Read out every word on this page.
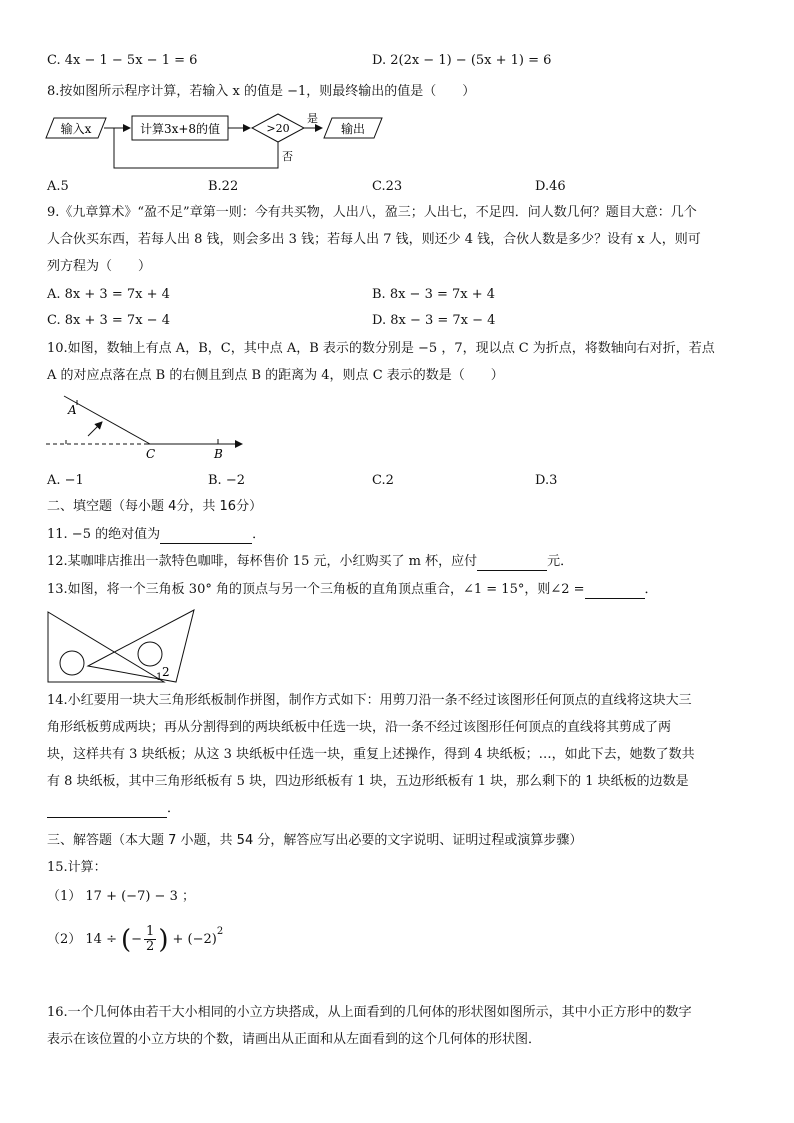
C. 4x − 1 − 5x − 1 = 6	D. 2(2x − 1) − (5x + 1) = 6
8.按如图所示程序计算，若输入 x 的值是 −1，则最终输出的值是（　　）
输入x	计算3x+8的值	>20
是
输出
否
A.5	B.22	C.23	D.46
9.《九章算术》“盈不足”章第一则：今有共买物，人出八，盈三；人出七，不足四．问人数几何？题目大意：几个
人合伙买东西，若每人出 8 钱，则会多出 3 钱；若每人出 7 钱，则还少 4 钱，合伙人数是多少？设有 x 人，则可
列方程为（　　）
A. 8x + 3 = 7x + 4	B. 8x − 3 = 7x + 4
C. 8x + 3 = 7x − 4	D. 8x − 3 = 7x − 4
10.如图，数轴上有点 A，B，C，其中点 A，B 表示的数分别是 −5 ，7，现以点 C 为折点，将数轴向右对折，若点
A 的对应点落在点 B 的右侧且到点 B 的距离为 4，则点 C 表示的数是（　　）
A
C	B
A. −1	B. −2	C.2	D.3
二、填空题（每小题 4分，共 16分）
11. −5 的绝对值为	．
12.某咖啡店推出一款特色咖啡，每杯售价 15 元，小红购买了 m 杯，应付	元．
13.如图，将一个三角板 30° 角的顶点与另一个三角板的直角顶点重合，∠1 = 15°，则∠2 =	．
1 2
14.小红要用一块大三角形纸板制作拼图，制作方式如下：用剪刀沿一条不经过该图形任何顶点的直线将这块大三
角形纸板剪成两块；再从分割得到的两块纸板中任选一块，沿一条不经过该图形任何顶点的直线将其剪成了两
块，这样共有 3 块纸板；从这 3 块纸板中任选一块，重复上述操作，得到 4 块纸板；…，如此下去，她数了数共
有 8 块纸板，其中三角形纸板有 5 块，四边形纸板有 1 块，五边形纸板有 1 块，那么剩下的 1 块纸板的边数是
．
三、解答题（本大题 7 小题，共 54 分，解答应写出必要的文字说明、证明过程或演算步骤）
15.计算：
（1） 17 + (−7) − 3 ；
（2） 14 ÷ ( − $\frac{1}{2}$ ) + (−2)
$^2$
16.一个几何体由若干大小相同的小立方块搭成，从上面看到的几何体的形状图如图所示，其中小正方形中的数字
表示在该位置的小立方块的个数，请画出从正面和从左面看到的这个几何体的形状图．
